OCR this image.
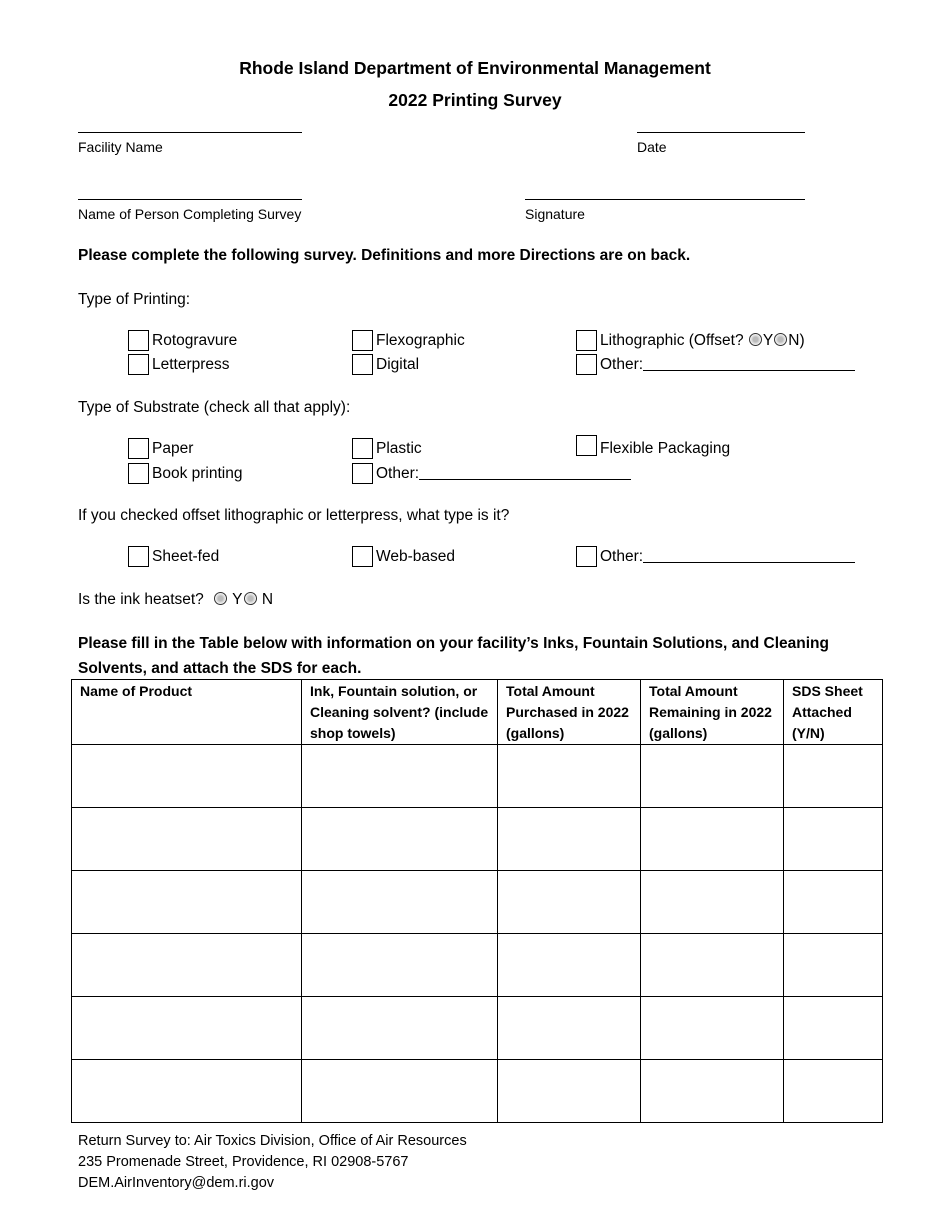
Rhode Island Department of Environmental Management
2022 Printing Survey
Facility Name	Date
Name of Person Completing Survey	Signature
Please complete the following survey. Definitions and more Directions are on back.
Type of Printing:
Rotogravure
Letterpress
Flexographic
Digital
Lithographic (Offset? Y N)
Other:
Type of Substrate (check all that apply):
Paper
Book printing
Plastic
Other:
Flexible Packaging
If you checked offset lithographic or letterpress, what type is it?
Sheet-fed	Web-based	Other:
Is the ink heatset? Y N
Please fill in the Table below with information on your facility’s Inks, Fountain Solutions, and Cleaning Solvents, and attach the SDS for each.
Name of Product	Ink, Fountain solution, or Cleaning solvent? (include shop towels)	Total Amount Purchased in 2022 (gallons)	Total Amount Remaining in 2022 (gallons)	SDS Sheet Attached (Y/N)

Return Survey to: Air Toxics Division, Office of Air Resources
235 Promenade Street, Providence, RI 02908-5767
DEM.AirInventory@dem.ri.gov
